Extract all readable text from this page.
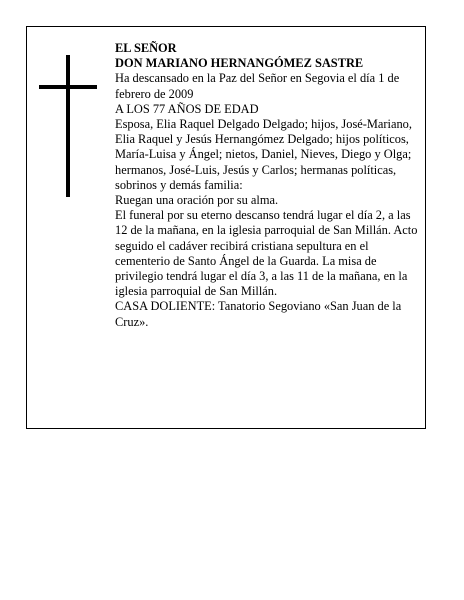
EL SEÑOR

DON MARIANO HERNANGÓMEZ SASTRE

Ha descansado en la Paz del Señor en Segovia el día 1 de febrero de 2009

A LOS 77 AÑOS DE EDAD

Esposa, Elia Raquel Delgado Delgado; hijos, José-Mariano, Elia Raquel y Jesús Hernangómez Delgado; hijos políticos, María-Luisa y Ángel; nietos, Daniel, Nieves, Diego y Olga; hermanos, José-Luis, Jesús y Carlos; hermanas políticas, sobrinos y demás familia:

Ruegan una oración por su alma.

El funeral por su eterno descanso tendrá lugar el día 2, a las 12 de la mañana, en la iglesia parroquial de San Millán. Acto seguido el cadáver recibirá cristiana sepultura en el cementerio de Santo Ángel de la Guarda. La misa de privilegio tendrá lugar el día 3, a las 11 de la mañana, en la iglesia parroquial de San Millán.

CASA DOLIENTE: Tanatorio Segoviano «San Juan de la Cruz».
